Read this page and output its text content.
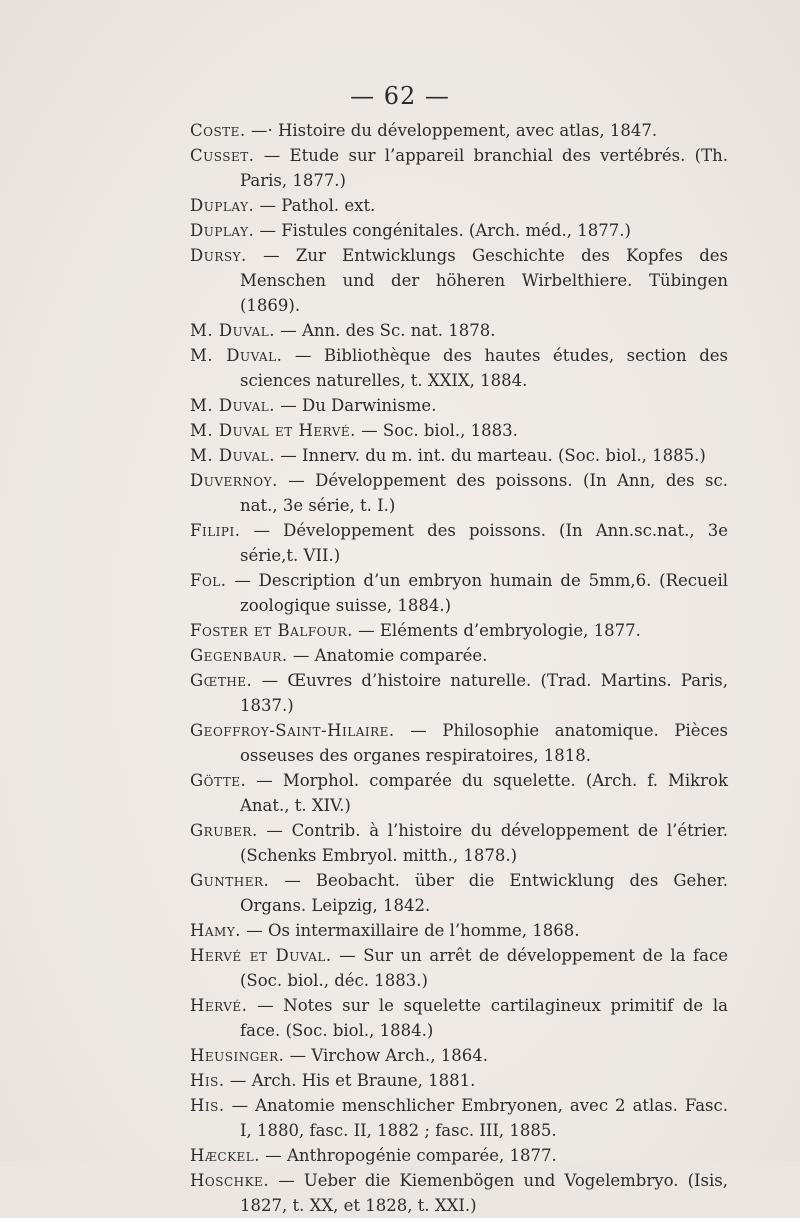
— 62 —
Coste. —· Histoire du développement, avec atlas, 1847.
Cusset. — Etude sur l’appareil branchial des vertébrés. (Th. Paris, 1877.)
Duplay. — Pathol. ext.
Duplay. — Fistules congénitales. (Arch. méd., 1877.)
Dursy. — Zur Entwicklungs Geschichte des Kopfes des Menschen und der höheren Wirbelthiere. Tübingen (1869).
M. Duval. — Ann. des Sc. nat. 1878.
M. Duval. — Bibliothèque des hautes études, section des sciences naturelles, t. XXIX, 1884.
M. Duval. — Du Darwinisme.
M. Duval et Hervé. — Soc. biol., 1883.
M. Duval. — Innerv. du m. int. du marteau. (Soc. biol., 1885.)
Duvernoy. — Développement des poissons. (In Ann, des sc. nat., 3e série, t. I.)
Filipi. — Développement des poissons. (In Ann.sc.nat., 3e série,t. VII.)
Fol. — Description d’un embryon humain de 5mm,6. (Recueil zoologique suisse, 1884.)
Foster et Balfour. — Eléments d’embryologie, 1877.
Gegenbaur. — Anatomie comparée.
Gœthe. — Œuvres d’histoire naturelle. (Trad. Martins. Paris, 1837.)
Geoffroy-Saint-Hilaire. — Philosophie anatomique. Pièces osseuses des organes respiratoires, 1818.
Götte. — Morphol. comparée du squelette. (Arch. f. Mikrok Anat., t. XIV.)
Gruber. — Contrib. à l’histoire du développement de l’étrier. (Schenks Embryol. mitth., 1878.)
Gunther. — Beobacht. über die Entwicklung des Geher. Organs. Leipzig, 1842.
Hamy. — Os intermaxillaire de l’homme, 1868.
Hervé et Duval. — Sur un arrêt de développement de la face (Soc. biol., déc. 1883.)
Hervé. — Notes sur le squelette cartilagineux primitif de la face. (Soc. biol., 1884.)
Heusinger. — Virchow Arch., 1864.
His. — Arch. His et Braune, 1881.
His. — Anatomie menschlicher Embryonen, avec 2 atlas. Fasc. I, 1880, fasc. II, 1882 ; fasc. III, 1885.
Hæckel. — Anthropogénie comparée, 1877.
Hoschke. — Ueber die Kiemenbögen und Vogelembryo. (Isis, 1827, t. XX, et 1828, t. XXI.)
